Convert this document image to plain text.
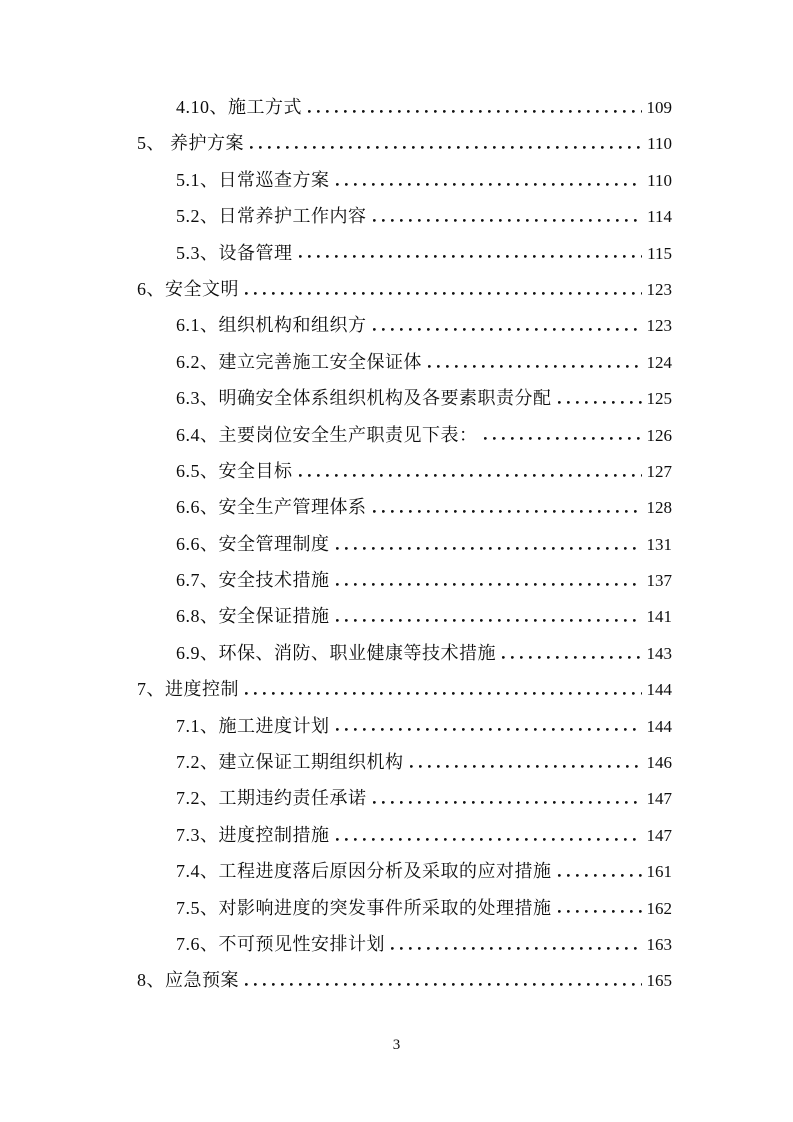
4.10、施工方式	109
5、 养护方案	110
5.1、日常巡查方案	110
5.2、日常养护工作内容	114
5.3、设备管理	115
6、安全文明	123
6.1、组织机构和组织方	123
6.2、建立完善施工安全保证体	124
6.3、明确安全体系组织机构及各要素职责分配	125
6.4、主要岗位安全生产职责见下表：	126
6.5、安全目标	127
6.6、安全生产管理体系	128
6.6、安全管理制度	131
6.7、安全技术措施	137
6.8、安全保证措施	141
6.9、环保、消防、职业健康等技术措施	143
7、进度控制	144
7.1、施工进度计划	144
7.2、建立保证工期组织机构	146
7.2、工期违约责任承诺	147
7.3、进度控制措施	147
7.4、工程进度落后原因分析及采取的应对措施	161
7.5、对影响进度的突发事件所采取的处理措施	162
7.6、不可预见性安排计划	163
8、应急预案	165
3
